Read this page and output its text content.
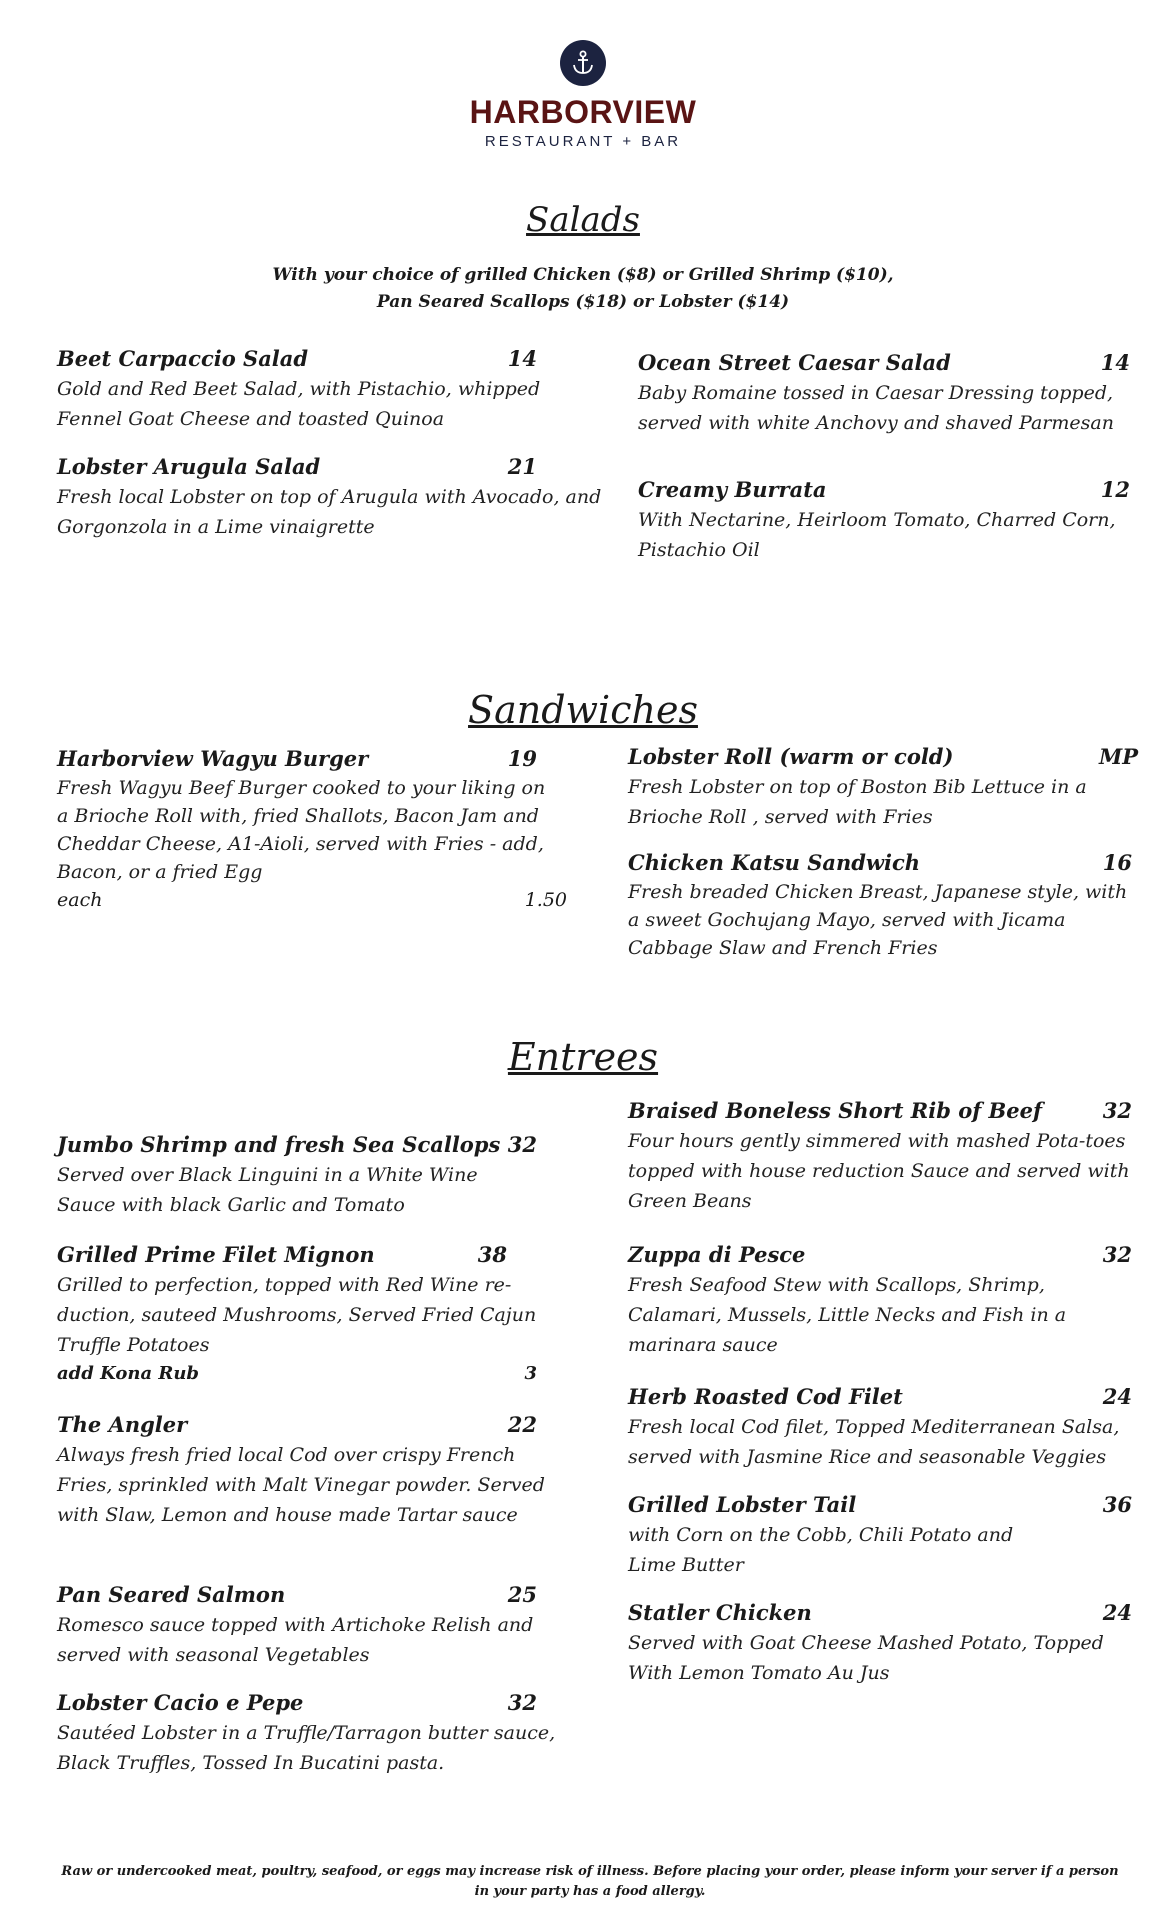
HARBORVIEW
RESTAURANT + BAR
Salads
With your choice of grilled Chicken ($8) or Grilled Shrimp ($10),
Pan Seared Scallops ($18) or Lobster ($14)
Beet Carpaccio Salad	14
Gold and Red Beet Salad, with Pistachio, whipped Fennel Goat Cheese and toasted Quinoa
Lobster Arugula Salad	21
Fresh local Lobster on top of Arugula with Avocado, and Gorgonzola in a Lime vinaigrette
Ocean Street Caesar Salad	14
Baby Romaine tossed in Caesar Dressing topped, served with white Anchovy and shaved Parmesan
Creamy Burrata	12
With Nectarine, Heirloom Tomato, Charred Corn, Pistachio Oil
Sandwiches
Harborview Wagyu Burger	19
Fresh Wagyu Beef Burger cooked to your liking on a Brioche Roll with, fried Shallots, Bacon Jam and Cheddar Cheese, A1-Aioli, served with Fries - add, Bacon, or a fried Egg
each	1.50
Lobster Roll (warm or cold)	MP
Fresh Lobster on top of Boston Bib Lettuce in a Brioche Roll , served with Fries
Chicken Katsu Sandwich	16
Fresh breaded Chicken Breast, Japanese style, with a sweet Gochujang Mayo, served with Jicama Cabbage Slaw and French Fries
Entrees
Jumbo Shrimp and fresh Sea Scallops 32
Served over Black Linguini in a White Wine Sauce with black Garlic and Tomato
Grilled Prime Filet Mignon	38
Grilled to perfection, topped with Red Wine re-duction, sauteed Mushrooms, Served Fried Cajun Truffle Potatoes
add Kona Rub	3
The Angler	22
Always fresh fried local Cod over crispy French Fries, sprinkled with Malt Vinegar powder. Served with Slaw, Lemon and house made Tartar sauce
Pan Seared Salmon	25
Romesco sauce topped with Artichoke Relish and served with seasonal Vegetables
Lobster Cacio e Pepe	32
Sautéed Lobster in a Truffle/Tarragon butter sauce, Black Truffles, Tossed In Bucatini pasta.
Braised Boneless Short Rib of Beef	32
Four hours gently simmered with mashed Pota-toes topped with house reduction Sauce and served with Green Beans
Zuppa di Pesce	32
Fresh Seafood Stew with Scallops, Shrimp, Calamari, Mussels, Little Necks and Fish in a marinara sauce
Herb Roasted Cod Filet	24
Fresh local Cod filet, Topped Mediterranean Salsa, served with Jasmine Rice and seasonable Veggies
Grilled Lobster Tail	36
with Corn on the Cobb, Chili Potato and Lime Butter
Statler Chicken	24
Served with Goat Cheese Mashed Potato, Topped With Lemon Tomato Au Jus
Raw or undercooked meat, poultry, seafood, or eggs may increase risk of illness. Before placing your order, please inform your server if a person in your party has a food allergy.
